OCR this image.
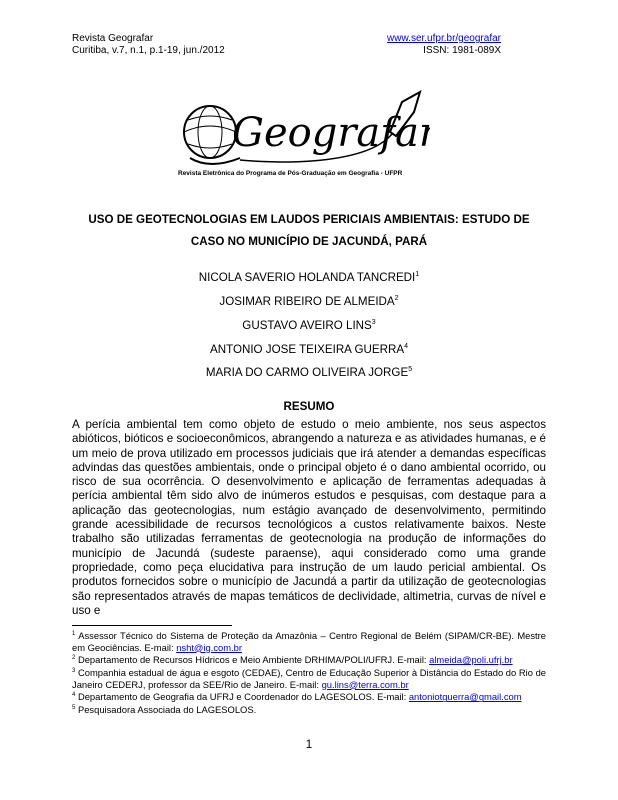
Revista Geografar
Curitiba, v.7, n.1, p.1-19, jun./2012
www.ser.ufpr.br/geografar
ISSN: 1981-089X
Geografar
Revista Eletrônica do Programa de Pós-Graduação em Geografia - UFPR
USO DE GEOTECNOLOGIAS EM LAUDOS PERICIAIS AMBIENTAIS: ESTUDO DE
CASO NO MUNICÍPIO DE JACUNDÁ, PARÁ
NICOLA SAVERIO HOLANDA TANCREDI$^1$
JOSIMAR RIBEIRO DE ALMEIDA$^2$
GUSTAVO AVEIRO LINS$^3$
ANTONIO JOSE TEIXEIRA GUERRA$^4$
MARIA DO CARMO OLIVEIRA JORGE$^5$
RESUMO
A perícia ambiental tem como objeto de estudo o meio ambiente, nos seus aspectos abióticos, bióticos e socioeconômicos, abrangendo a natureza e as atividades humanas, e é um meio de prova utilizado em processos judiciais que irá atender a demandas específicas advindas das questões ambientais, onde o principal objeto é o dano ambiental ocorrido, ou risco de sua ocorrência. O desenvolvimento e aplicação de ferramentas adequadas à perícia ambiental têm sido alvo de inúmeros estudos e pesquisas, com destaque para a aplicação das geotecnologias, num estágio avançado de desenvolvimento, permitindo grande acessibilidade de recursos tecnológicos a custos relativamente baixos. Neste trabalho são utilizadas ferramentas de geotecnologia na produção de informações do município de Jacundá (sudeste paraense), aqui considerado como uma grande propriedade, como peça elucidativa para instrução de um laudo pericial ambiental. Os produtos fornecidos sobre o município de Jacundá a partir da utilização de geotecnologias são representados através de mapas temáticos de declividade, altimetria, curvas de nível e uso e

$^1$ Assessor Técnico do Sistema de Proteção da Amazônia – Centro Regional de Belém (SIPAM/CR-BE). Mestre em Geociências. E-mail: nsht@ig.com.br

$^2$ Departamento de Recursos Hídricos e Meio Ambiente DRHIMA/POLI/UFRJ. E-mail: almeida@poli.ufrj.br

$^3$ Companhia estadual de água e esgoto (CEDAE), Centro de Educação Superior à Distância do Estado do Rio de Janeiro CEDERJ, professor da SEE/Rio de Janeiro. E-mail: gu.lins@terra.com.br

$^4$ Departamento de Geografia da UFRJ e Coordenador do LAGESOLOS. E-mail: antoniotguerra@gmail.com

$^5$ Pesquisadora Associada do LAGESOLOS.

1
